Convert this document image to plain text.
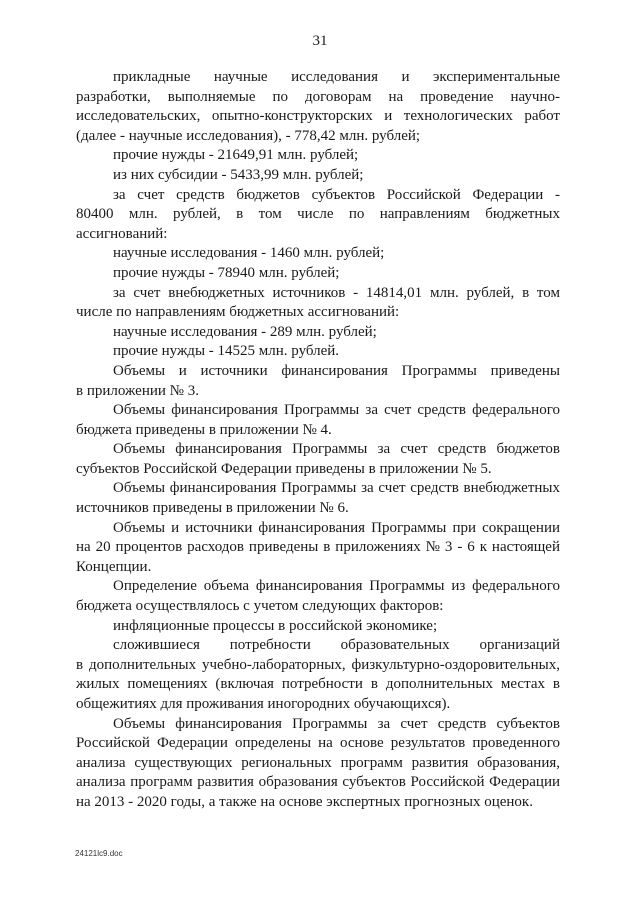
31
прикладные научные исследования и экспериментальные
разработки, выполняемые по договорам на проведение научно-
исследовательских, опытно-конструкторских и технологических работ
(далее - научные исследования), - 778,42 млн. рублей;
прочие нужды - 21649,91 млн. рублей;
из них субсидии - 5433,99 млн. рублей;
за счет средств бюджетов субъектов Российской Федерации -
80400 млн. рублей, в том числе по направлениям бюджетных
ассигнований:
научные исследования - 1460 млн. рублей;
прочие нужды - 78940 млн. рублей;
за счет внебюджетных источников - 14814,01 млн. рублей, в том
числе по направлениям бюджетных ассигнований:
научные исследования - 289 млн. рублей;
прочие нужды - 14525 млн. рублей.
Объемы и источники финансирования Программы приведены
в приложении № 3.
Объемы финансирования Программы за счет средств федерального
бюджета приведены в приложении № 4.
Объемы финансирования Программы за счет средств бюджетов
субъектов Российской Федерации приведены в приложении № 5.
Объемы финансирования Программы за счет средств внебюджетных
источников приведены в приложении № 6.
Объемы и источники финансирования Программы при сокращении
на 20 процентов расходов приведены в приложениях № 3 - 6 к настоящей
Концепции.
Определение объема финансирования Программы из федерального
бюджета осуществлялось с учетом следующих факторов:
инфляционные процессы в российской экономике;
сложившиеся потребности образовательных организаций
в дополнительных учебно-лабораторных, физкультурно-оздоровительных,
жилых помещениях (включая потребности в дополнительных местах в
общежитиях для проживания иногородних обучающихся).
Объемы финансирования Программы за счет средств субъектов
Российской Федерации определены на основе результатов проведенного
анализа существующих региональных программ развития образования,
анализа программ развития образования субъектов Российской Федерации
на 2013 - 2020 годы, а также на основе экспертных прогнозных оценок.
24121lc9.doc
